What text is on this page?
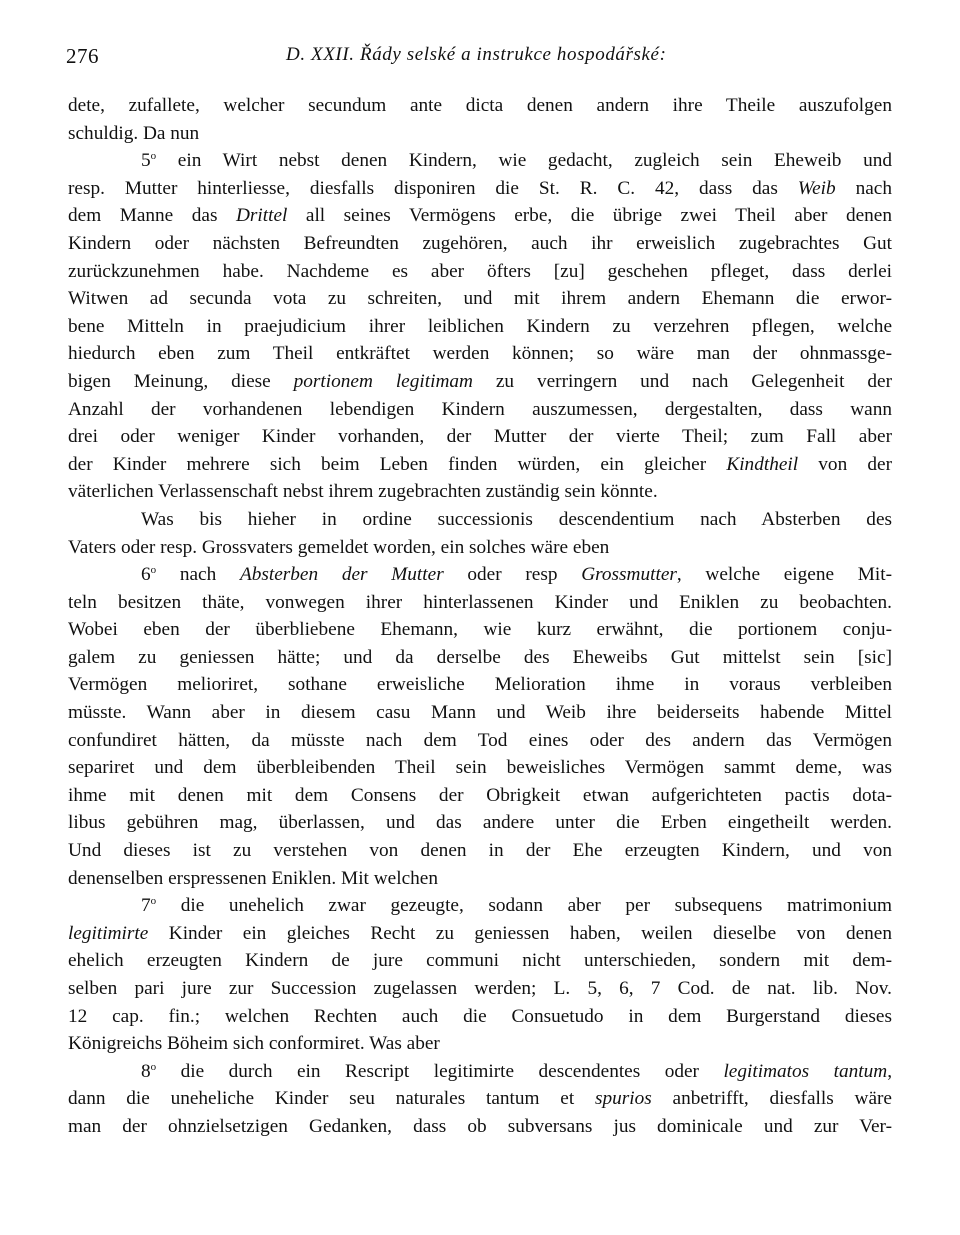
276	D. XXII. Řády selské a instrukce hospodářské:
dete, zufallete, welcher secundum ante dicta denen andern ihre Theile auszufolgen
schuldig. Da nun
5$^o$ ein Wirt nebst denen Kindern, wie gedacht, zugleich sein Eheweib und
resp. Mutter hinterliesse, diesfalls disponiren die St. R. C. 42, dass das Weib nach
dem Manne das Drittel all seines Vermögens erbe, die übrige zwei Theil aber denen
Kindern oder nächsten Befreundten zugehören, auch ihr erweislich zugebrachtes Gut
zurückzunehmen habe. Nachdeme es aber öfters [zu] geschehen pfleget, dass derlei
Witwen ad secunda vota zu schreiten, und mit ihrem andern Ehemann die erwor-
bene Mitteln in praejudicium ihrer leiblichen Kindern zu verzehren pflegen, welche
hiedurch eben zum Theil entkräftet werden können; so wäre man der ohnmassge-
bigen Meinung, diese portionem legitimam zu verringern und nach Gelegenheit der
Anzahl der vorhandenen lebendigen Kindern auszumessen, dergestalten, dass wann
drei oder weniger Kinder vorhanden, der Mutter der vierte Theil; zum Fall aber
der Kinder mehrere sich beim Leben finden würden, ein gleicher Kindtheil von der
väterlichen Verlassenschaft nebst ihrem zugebrachten zuständig sein könnte.
Was bis hieher in ordine successionis descendentium nach Absterben des
Vaters oder resp. Grossvaters gemeldet worden, ein solches wäre eben
6$^o$ nach Absterben der Mutter oder resp Grossmutter, welche eigene Mit-
teln besitzen thäte, vonwegen ihrer hinterlassenen Kinder und Eniklen zu beobachten.
Wobei eben der überbliebene Ehemann, wie kurz erwähnt, die portionem conju-
galem zu geniessen hätte; und da derselbe des Eheweibs Gut mittelst sein [sic]
Vermögen melioriret, sothane erweisliche Melioration ihme in voraus verbleiben
müsste. Wann aber in diesem casu Mann und Weib ihre beiderseits habende Mittel
confundiret hätten, da müsste nach dem Tod eines oder des andern das Vermögen
separiret und dem überbleibenden Theil sein beweisliches Vermögen sammt deme, was
ihme mit denen mit dem Consens der Obrigkeit etwan aufgerichteten pactis dota-
libus gebühren mag, überlassen, und das andere unter die Erben eingetheilt werden.
Und dieses ist zu verstehen von denen in der Ehe erzeugten Kindern, und von
denenselben erspressenen Eniklen. Mit welchen
7$^o$ die unehelich zwar gezeugte, sodann aber per subsequens matrimonium
legitimirte Kinder ein gleiches Recht zu geniessen haben, weilen dieselbe von denen
ehelich erzeugten Kindern de jure communi nicht unterschieden, sondern mit dem-
selben pari jure zur Succession zugelassen werden; L. 5, 6, 7 Cod. de nat. lib. Nov.
12 cap. fin.; welchen Rechten auch die Consuetudo in dem Burgerstand dieses
Königreichs Böheim sich conformiret. Was aber
8$^o$ die durch ein Rescript legitimirte descendentes oder legitimatos tantum,
dann die uneheliche Kinder seu naturales tantum et spurios anbetrifft, diesfalls wäre
man der ohnzielsetzigen Gedanken, dass ob subversans jus dominicale und zur Ver-
